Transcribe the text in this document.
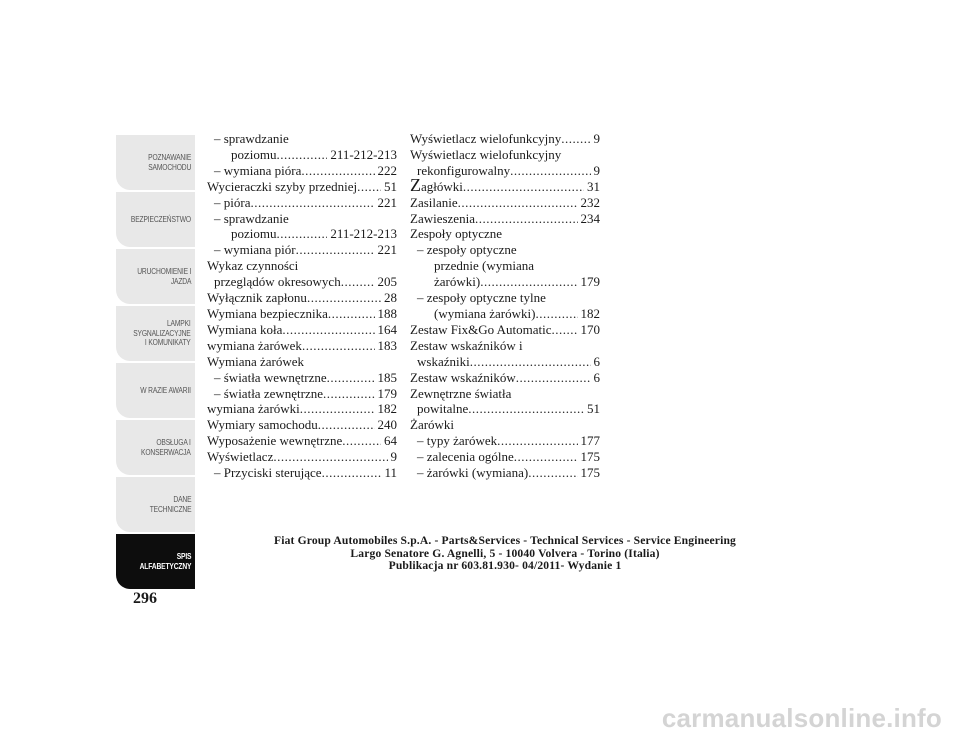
POZNAWANIE
SAMOCHODU
BEZPIECZEŃSTWO
URUCHOMIENIE I
JAZDA
LAMPKI
SYGNALIZACYJNE
I KOMUNIKATY
W RAZIE AWARII
OBSŁUGA I
KONSERWACJA
DANE
TECHNICZNE
SPIS
ALFABETYCZNY
296
– sprawdzanie
poziomu .....	211-212-213
– wymiana pióra .....	222
Wycieraczki szyby przedniej ..... 51
– pióra .....	221
– sprawdzanie
poziomu .....	211-212-213
– wymiana piór .....	221
Wykaz czynności
przeglądów okresowych .....	205
Wyłącznik zapłonu .....	28
Wymiana bezpiecznika .....	188
Wymiana koła .....	164
wymiana żarówek .....	183
Wymiana żarówek
– światła wewnętrzne .....	185
– światła zewnętrzne .....	179
wymiana żarówki .....	182
Wymiary samochodu .....	240
Wyposażenie wewnętrzne .....	64
Wyświetlacz .....	9
– Przyciski sterujące .....	11
Wyświetlacz wielofunkcyjny ..... 9
Wyświetlacz wielofunkcyjny
rekonfigurowalny .....	9
Zagłówki .....	31
Zasilanie .....	232
Zawieszenia .....	234
Zespoły optyczne
– zespoły optyczne
przednie (wymiana
żarówki) .....	179
– zespoły optyczne tylne
(wymiana żarówki) .....	182
Zestaw Fix&Go Automatic ..... 170
Zestaw wskaźników i
wskaźniki .....	6
Zestaw wskaźników .....	6
Zewnętrzne światła
powitalne .....	51
Żarówki
– typy żarówek .....	177
– zalecenia ogólne .....	175
– żarówki (wymiana) .....	175
Fiat Group Automobiles S.p.A. - Parts&Services - Technical Services - Service Engineering
Largo Senatore G. Agnelli, 5 - 10040 Volvera - Torino (Italia)
Publikacja nr 603.81.930- 04/2011- Wydanie 1
carmanualsonline.info
